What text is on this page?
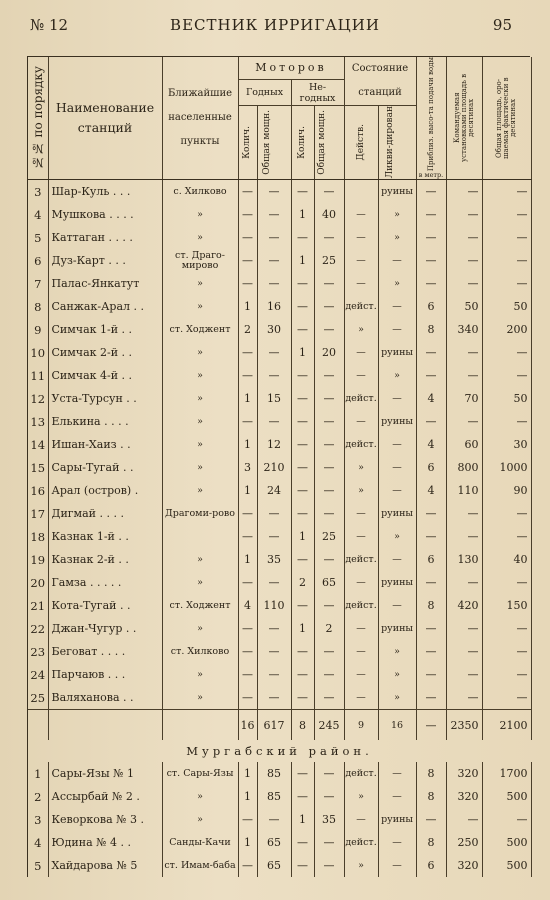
№ 12	ВЕСТНИК ИРРИГАЦИИ	95
№№ по порядку	Наименование станций	Ближайшие населенные пункты	Моторов				Состояние станций		Приблиз. высо-та подачи воды
в метр.	Командуемая установками площадь в десятинах	Общая площадь, оро-шаемая фактически в десятинах

			Годных		Не-годных						

			Колич.	Общая мощн.	Колич.	Общая мощн.	Действ.	Ликви-дирован			

3	Шар-Куль . . .	с. Хилково	—	—	—	—		руины	—	—	—
4	Мушкова . . . .	»	—	—	1	40	—	»	—	—	—
5	Каттаган . . . .	»	—	—	—	—	—	»	—	—	—
6	Дуз-Карт . . .	ст. Драго-мирово	—	—	1	25	—	—	—	—	—
7	Палас-Янкатут	»	—	—	—	—	—	»	—	—	—
8	Санжак-Арал . .	»	1	16	—	—	дейст.	—	6	50	50
9	Симчак 1-й . .	ст. Ходжент	2	30	—	—	»	—	8	340	200
10	Симчак 2-й . .	»	—	—	1	20	—	руины	—	—	—
11	Симчак 4-й . .	»	—	—	—	—	—	»	—	—	—
12	Уста-Турсун . .	»	1	15	—	—	дейст.	—	4	70	50
13	Елькина . . . .	»	—	—	—	—	—	руины	—	—	—
14	Ишан-Хаиз . .	»	1	12	—	—	дейст.	—	4	60	30
15	Сары-Тугай . .	»	3	210	—	—	»	—	6	800	1000
16	Арал (остров) .	»	1	24	—	—	»	—	4	110	90
17	Дигмай . . . .	Драгоми-рово	—	—	—	—	—	руины	—	—	—
18	Казнак 1-й . .		—	—	1	25	—	»	—	—	—
19	Казнак 2-й . .	»	1	35	—	—	дейст.	—	6	130	40
20	Гамза . . . . .	»	—	—	2	65	—	руины	—	—	—
21	Кота-Тугай . .	ст. Ходжент	4	110	—	—	дейст.	—	8	420	150
22	Джан-Чугур . .	»	—	—	1	2	—	руины	—	—	—
23	Беговат . . . .	ст. Хилково	—	—	—	—	—	»	—	—	—
24	Парчаюв . . .	»	—	—	—	—	—	»	—	—	—
25	Валяханова . .	»	—	—	—	—	—	»	—	—	—
			16	617	8	245	9	16	—	2350	2100
Мургабский район.											
1	Сары-Язы № 1	ст. Сары-Язы	1	85	—	—	дейст.	—	8	320	1700
2	Ассырбай № 2 .	»	1	85	—	—	»	—	8	320	500
3	Кеворкова № 3 .	»	—	—	1	35	—	руины	—	—	—
4	Юдина № 4 . .	Санды-Качи	1	65	—	—	дейст.	—	8	250	500
5	Хайдарова № 5	ст. Имам-баба	—	65	—	—	»	—	6	320	500
